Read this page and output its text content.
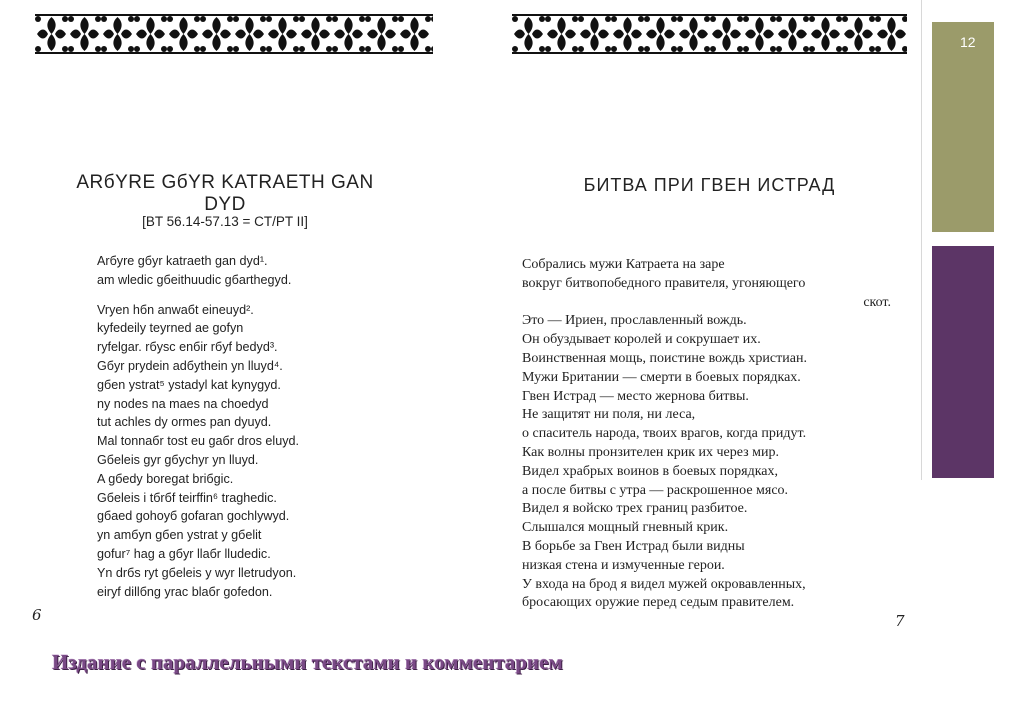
12
ARбYRE GбYR KATRAETH GAN
DYD
[BT 56.14-57.13 = CT/PT II]
Arбyre gбyr katraeth gan dyd¹.
am wledic gбeithuudic gбarthegyd.
Vryen hбn anwaбt eineuyd².
kyfedeily teyrned ae gofyn
ryfelgar. rбysc enбir rбyf bedyd³.
Gбyr prydein adбythein yn lluyd⁴.
gбen ystrat⁵ ystadyl kat kynygyd.
ny nodes na maes na choedyd
tut achles dy ormes pan dyuyd.
Mal tonnaбr tost eu gaбr dros eluyd.
Gбeleis gyr gбychyr yn lluyd.
A gбedy boregat briбgic.
Gбeleis i tбrбf teirffin⁶ traghedic.
gбaed gohoyб gofaran gochlywyd.
yn amбyn gбen ystrat y gбelit
gofur⁷ hag a gбyr llaбr lludedic.
Yn drбs ryt gбeleis y wyr lletrudyon.
eiryf dillбng yrac blaбr gofedon.
6
БИТВА ПРИ ГВЕН ИСТРАД
Собрались мужи Катраета на заре
вокруг битвопобедного правителя, угоняющего
скот.
Это — Ириен, прославленный вождь.
Он обуздывает королей и сокрушает их.
Воинственная мощь, поистине вождь христиан.
Мужи Британии — смерти в боевых порядках.
Гвен Истрад — место жернова битвы.
Не защитят ни поля, ни леса,
о спаситель народа, твоих врагов, когда придут.
Как волны пронзителен крик их через мир.
Видел храбрых воинов в боевых порядках,
а после битвы с утра — раскрошенное мясо.
Видел я войско трех границ разбитое.
Слышался мощный гневный крик.
В борьбе за Гвен Истрад были видны
низкая стена и измученные герои.
У входа на брод я видел мужей окровавленных,
бросающих оружие перед седым правителем.
7
Издание с параллельными текстами и комментарием
